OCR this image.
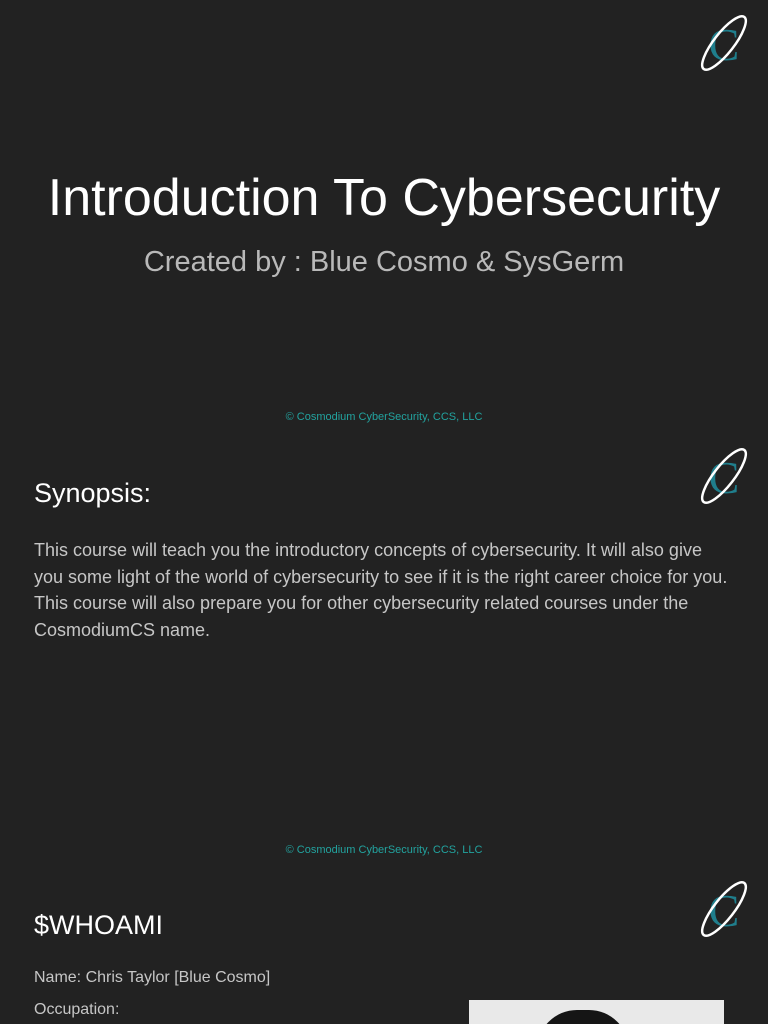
C
Introduction To Cybersecurity
Created by : Blue Cosmo & SysGerm
© Cosmodium CyberSecurity, CCS, LLC
C
Synopsis:
This course will teach you the introductory concepts of cybersecurity. It will also give you some light of the world of cybersecurity to see if it is the right career choice for you. This course will also prepare you for other cybersecurity related courses under the CosmodiumCS name.
© Cosmodium CyberSecurity, CCS, LLC
C
$WHOAMI
Name: Chris Taylor [Blue Cosmo]
Occupation:
